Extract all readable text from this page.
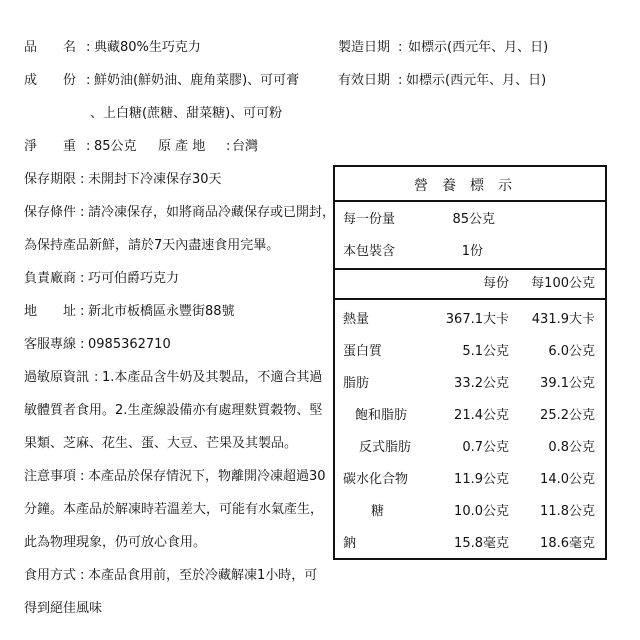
品　　名 : 典藏80%生巧克力
成　　份 : 鮮奶油(鮮奶油、鹿角菜膠)、可可膏
、上白糖(蔗糖、甜菜糖)、可可粉
淨　　重 : 85公克 原 產 地 : 台灣
保存期限 : 未開封下冷凍保存30天
保存條件 : 請冷凍保存，如將商品冷藏保存或已開封，
為保持產品新鮮，請於7天內盡速食用完畢。
負責廠商 : 巧可伯爵巧克力
地　　址 : 新北市板橋區永豐街88號
客服專線 : 0985362710
過敏原資訊 : 1.本產品含牛奶及其製品，不適合其過
敏體質者食用。2.生產線設備亦有處理麩質穀物、堅
果類、芝麻、花生、蛋、大豆、芒果及其製品。
注意事項 : 本產品於保存情況下，物離開冷凍超過30
分鐘。本產品於解凍時若溫差大，可能有水氣產生，
此為物理現象，仍可放心食用。
食用方式 : 本產品食用前，至於冷藏解凍1小時，可
得到絕佳風味
製造日期 : 如標示(西元年、月、日)
有效日期 : 如標示(西元年、月、日)
營養標示
每一份量	85公克
本包裝含	1份
每份 每100公克
熱量	367.1大卡 431.9大卡
蛋白質	5.1公克	6.0公克
脂肪	33.2公克 39.1公克
飽和脂肪	21.4公克 25.2公克
反式脂肪	0.7公克	0.8公克
碳水化合物	11.9公克 14.0公克
糖	10.0公克 11.8公克
鈉	15.8毫克 18.6毫克
